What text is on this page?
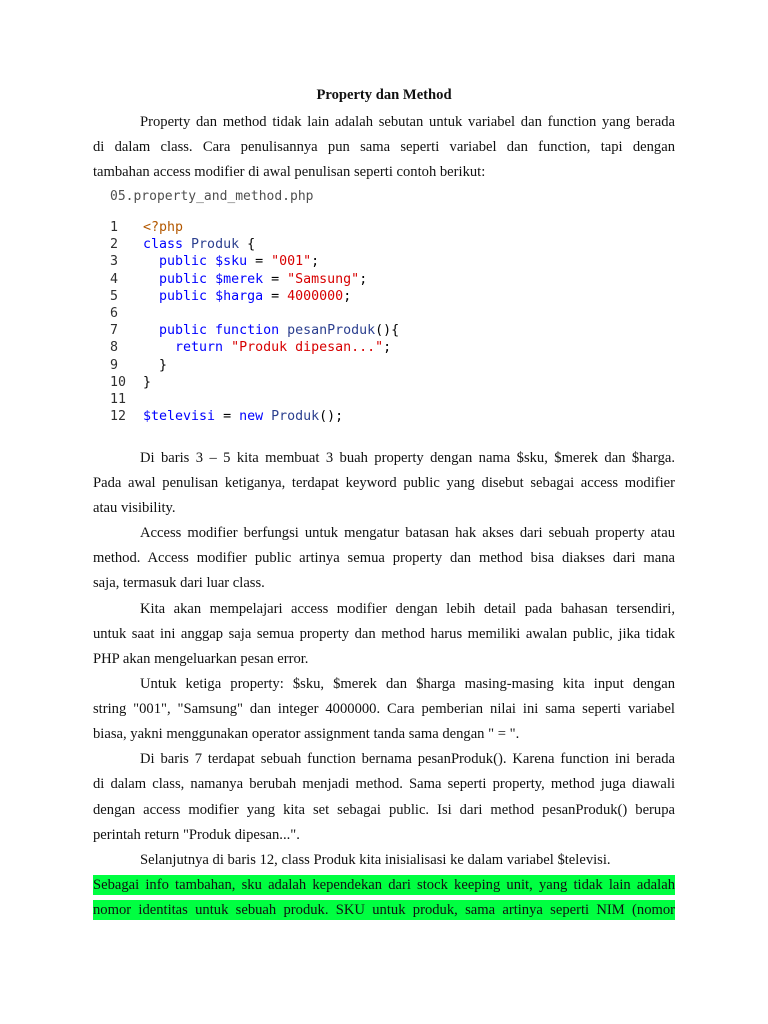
Property dan Method
05.property_and_method.php
1 <?php
2 class Produk {
3  public $sku = "001";
4  public $merek = "Samsung";
5  public $harga = 4000000;
6
7  public function pesanProduk(){
8    return "Produk dipesan...";
9  }
10 }
11
12 $televisi = new Produk();
Property dan method tidak lain adalah sebutan untuk variabel dan function yang berada
di dalam class. Cara penulisannya pun sama seperti variabel dan function, tapi dengan
tambahan access modifier di awal penulisan seperti contoh berikut:
Di baris 3 – 5 kita membuat 3 buah property dengan nama $sku, $merek dan $harga.
Pada awal penulisan ketiganya, terdapat keyword public yang disebut sebagai access modifier
atau visibility.
Access modifier berfungsi untuk mengatur batasan hak akses dari sebuah property atau
method. Access modifier public artinya semua property dan method bisa diakses dari mana
saja, termasuk dari luar class.
Kita akan mempelajari access modifier dengan lebih detail pada bahasan tersendiri,
untuk saat ini anggap saja semua property dan method harus memiliki awalan public, jika tidak
PHP akan mengeluarkan pesan error.
Untuk ketiga property: $sku, $merek dan $harga masing-masing kita input dengan
string "001", "Samsung" dan integer 4000000. Cara pemberian nilai ini sama seperti variabel
biasa, yakni menggunakan operator assignment tanda sama dengan " = ".
Di baris 7 terdapat sebuah function bernama pesanProduk(). Karena function ini berada
di dalam class, namanya berubah menjadi method. Sama seperti property, method juga diawali
dengan access modifier yang kita set sebagai public. Isi dari method pesanProduk() berupa
perintah return "Produk dipesan...".
Selanjutnya di baris 12, class Produk kita inisialisasi ke dalam variabel $televisi.
Sebagai info tambahan, sku adalah kependekan dari stock keeping unit, yang tidak lain adalah
nomor identitas untuk sebuah produk. SKU untuk produk, sama artinya seperti NIM (nomor
